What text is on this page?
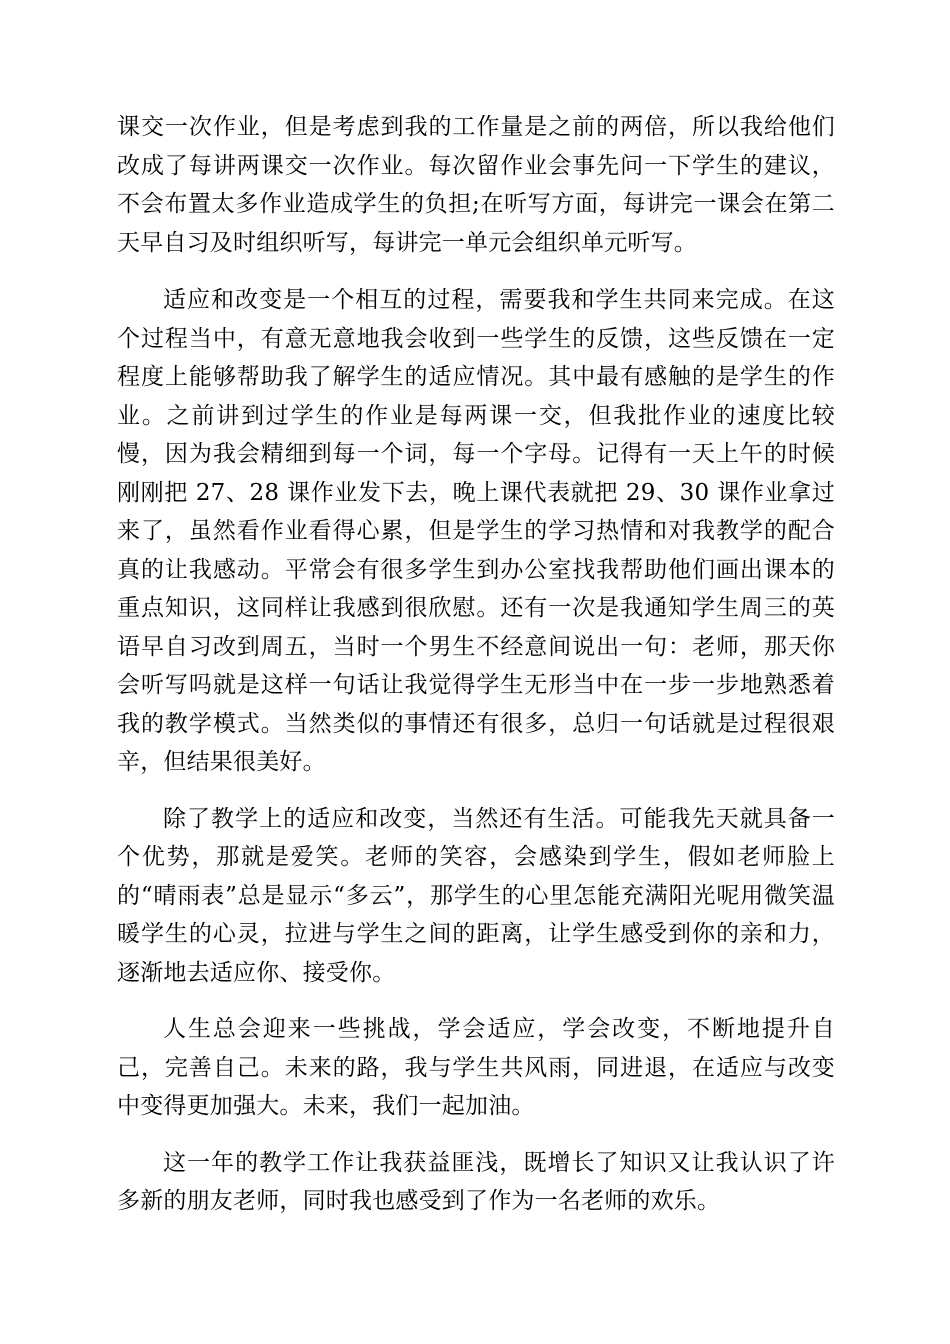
课交一次作业，但是考虑到我的工作量是之前的两倍，所以我给他们改成了每讲两课交一次作业。每次留作业会事先问一下学生的建议，不会布置太多作业造成学生的负担;在听写方面，每讲完一课会在第二天早自习及时组织听写，每讲完一单元会组织单元听写。

适应和改变是一个相互的过程，需要我和学生共同来完成。在这个过程当中，有意无意地我会收到一些学生的反馈，这些反馈在一定程度上能够帮助我了解学生的适应情况。其中最有感触的是学生的作业。之前讲到过学生的作业是每两课一交，但我批作业的速度比较慢，因为我会精细到每一个词，每一个字母。记得有一天上午的时候刚刚把 27、28 课作业发下去，晚上课代表就把 29、30 课作业拿过来了，虽然看作业看得心累，但是学生的学习热情和对我教学的配合真的让我感动。平常会有很多学生到办公室找我帮助他们画出课本的重点知识，这同样让我感到很欣慰。还有一次是我通知学生周三的英语早自习改到周五，当时一个男生不经意间说出一句：老师，那天你会听写吗就是这样一句话让我觉得学生无形当中在一步一步地熟悉着我的教学模式。当然类似的事情还有很多，总归一句话就是过程很艰辛，但结果很美好。

除了教学上的适应和改变，当然还有生活。可能我先天就具备一个优势，那就是爱笑。老师的笑容，会感染到学生，假如老师脸上的“晴雨表”总是显示“多云”，那学生的心里怎能充满阳光呢用微笑温暖学生的心灵，拉进与学生之间的距离，让学生感受到你的亲和力，逐渐地去适应你、接受你。

人生总会迎来一些挑战，学会适应，学会改变，不断地提升自己，完善自己。未来的路，我与学生共风雨，同进退，在适应与改变中变得更加强大。未来，我们一起加油。

这一年的教学工作让我获益匪浅，既增长了知识又让我认识了许多新的朋友老师，同时我也感受到了作为一名老师的欢乐。
